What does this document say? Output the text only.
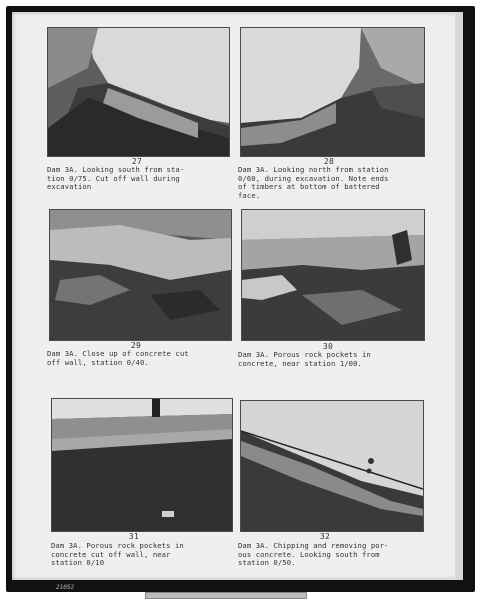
27
Dam 3A. Looking south from sta-
tion 0/75. Cut off wall during
excavation
28
Dam 3A. Looking north from station
0/60, during excavation. Note ends
of timbers at bottom of battered
face.
29
Dam 3A. Close up of concrete cut
off wall, station 0/40.
30
Dam 3A. Porous rock pockets in
concrete, near station 1/00.
31
Dam 3A. Porous rock pockets in
concrete cut off wall, near
station 0/10
32
Dam 3A. Chipping and removing por-
ous concrete. Looking south from
station 0/50.
21052
